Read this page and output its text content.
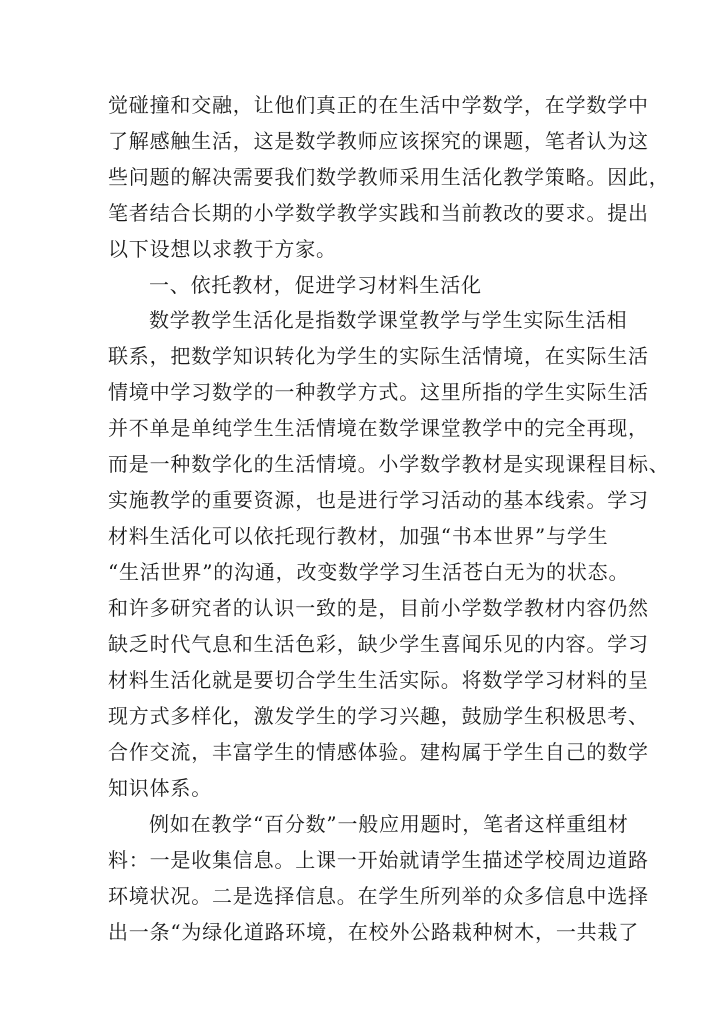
觉碰撞和交融，让他们真正的在生活中学数学，在学数学中
了解感触生活，这是数学教师应该探究的课题，笔者认为这
些问题的解决需要我们数学教师采用生活化教学策略。因此，
笔者结合长期的小学数学教学实践和当前教改的要求。提出
以下设想以求教于方家。
一、依托教材，促进学习材料生活化
数学教学生活化是指数学课堂教学与学生实际生活相
联系，把数学知识转化为学生的实际生活情境，在实际生活
情境中学习数学的一种教学方式。这里所指的学生实际生活
并不单是单纯学生生活情境在数学课堂教学中的完全再现，
而是一种数学化的生活情境。小学数学教材是实现课程目标、
实施教学的重要资源，也是进行学习活动的基本线索。学习
材料生活化可以依托现行教材，加强“书本世界”与学生
“生活世界”的沟通，改变数学学习生活苍白无为的状态。
和许多研究者的认识一致的是，目前小学数学教材内容仍然
缺乏时代气息和生活色彩，缺少学生喜闻乐见的内容。学习
材料生活化就是要切合学生生活实际。将数学学习材料的呈
现方式多样化，激发学生的学习兴趣，鼓励学生积极思考、
合作交流，丰富学生的情感体验。建构属于学生自己的数学
知识体系。
例如在教学“百分数”一般应用题时，笔者这样重组材
料：一是收集信息。上课一开始就请学生描述学校周边道路
环境状况。二是选择信息。在学生所列举的众多信息中选择
出一条“为绿化道路环境，在校外公路栽种树木，一共栽了
